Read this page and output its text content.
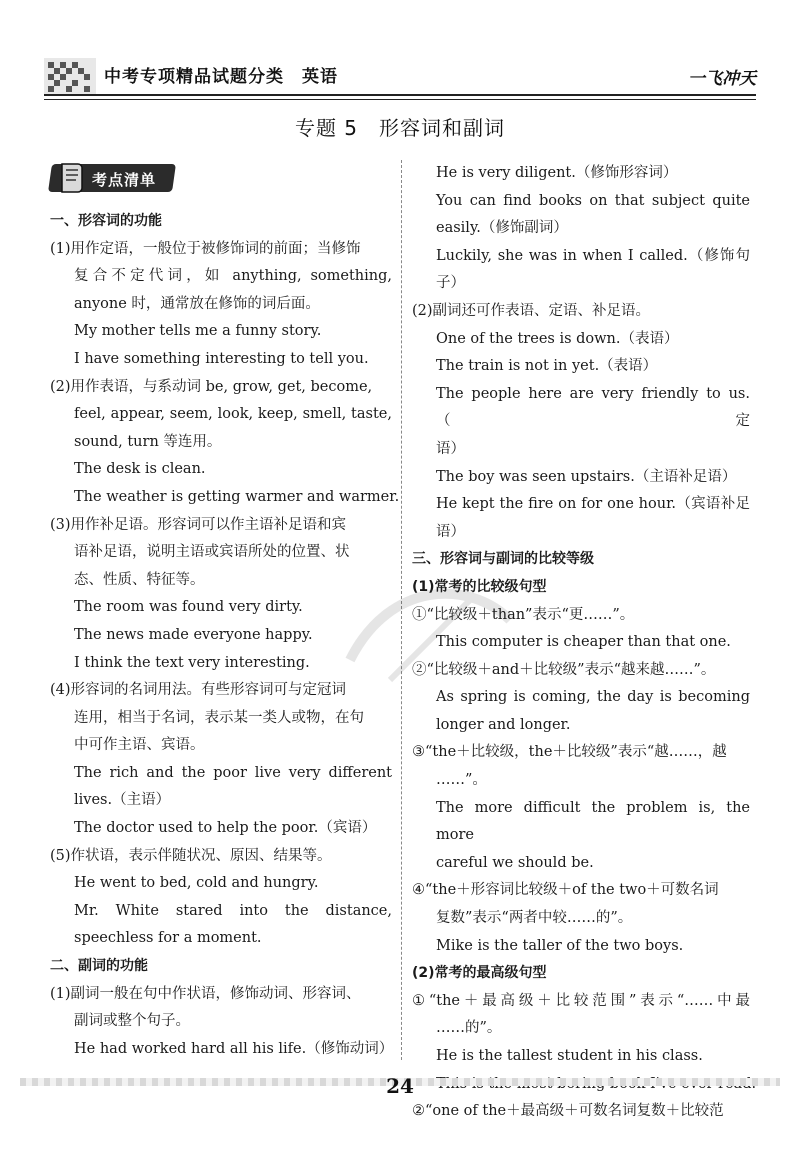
中考专项精品试题分类　英语	一飞冲天
专题 5　形容词和副词
考点清单
一、形容词的功能
(1)用作定语，一般位于被修饰词的前面；当修饰
复合不定代词，如 anything, something,
anyone 时，通常放在修饰的词后面。
My mother tells me a funny story.
I have something interesting to tell you.
(2)用作表语，与系动词 be, grow, get, become,
feel, appear, seem, look, keep, smell, taste,
sound, turn 等连用。
The desk is clean.
The weather is getting warmer and warmer.
(3)用作补足语。形容词可以作主语补足语和宾
语补足语，说明主语或宾语所处的位置、状
态、性质、特征等。
The room was found very dirty.
The news made everyone happy.
I think the text very interesting.
(4)形容词的名词用法。有些形容词可与定冠词
连用，相当于名词，表示某一类人或物，在句
中可作主语、宾语。
The rich and the poor live very different
lives.（主语）
The doctor used to help the poor.（宾语）
(5)作状语，表示伴随状况、原因、结果等。
He went to bed, cold and hungry.
Mr.　White　stared　into　the　distance,
speechless for a moment.
二、副词的功能
(1)副词一般在句中作状语，修饰动词、形容词、
副词或整个句子。
He had worked hard all his life.（修饰动词）
He is very diligent.（修饰形容词）
You can find books on that subject quite
easily.（修饰副词）
Luckily, she was in when I called.（修饰句
子）
(2)副词还可作表语、定语、补足语。
One of the trees is down.（表语）
The train is not in yet.（表语）
The people here are very friendly to us.（定
语）
The boy was seen upstairs.（主语补足语）
He kept the fire on for one hour.（宾语补足
语）
三、形容词与副词的比较等级
(1)常考的比较级句型
①“比较级＋than”表示“更……”。
This computer is cheaper than that one.
②“比较级＋and＋比较级”表示“越来越……”。
As spring is coming, the day is becoming
longer and longer.
③“the＋比较级，the＋比较级”表示“越……，越
……”。
The more difficult the problem is, the more
careful we should be.
④“the＋形容词比较级＋of the two＋可数名词
复数”表示“两者中较……的”。
Mike is the taller of the two boys.
(2)常考的最高级句型
①“the＋最高级＋比较范围”表示“……中最
……的”。
He is the tallest student in his class.
②“one of the＋最高级＋可数名词复数＋比较范
24
